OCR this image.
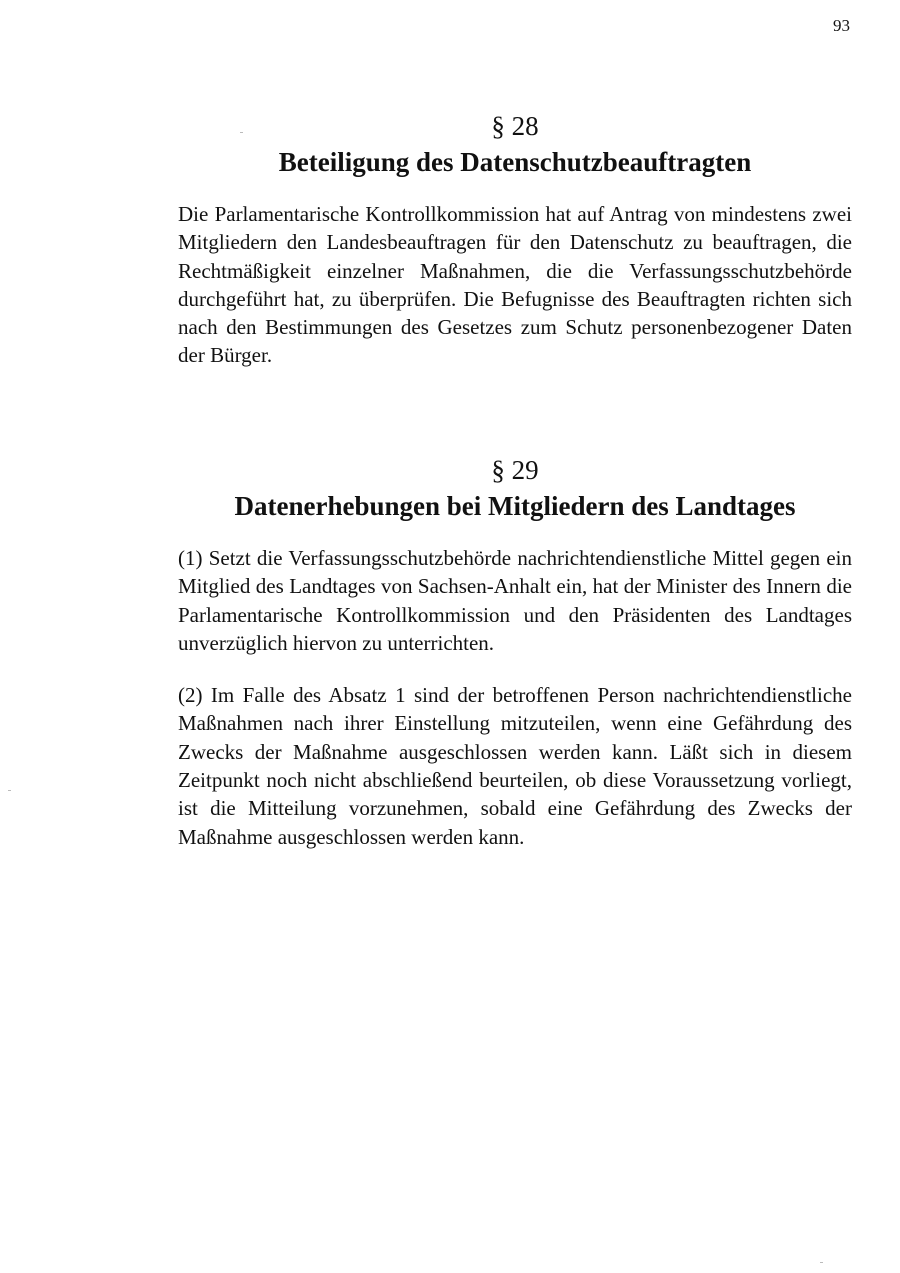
93

§ 28

Beteiligung des Datenschutzbeauftragten

Die Parlamentarische Kontrollkommission hat auf Antrag von mindestens zwei Mitgliedern den Landesbeauftragen für den Datenschutz zu beauftragen, die Rechtmäßigkeit einzelner Maßnahmen, die die Verfassungsschutzbehörde durchgeführt hat, zu überprüfen. Die Befugnisse des Beauftragten richten sich nach den Bestimmungen des Gesetzes zum Schutz personenbezogener Daten der Bürger.

§ 29

Datenerhebungen bei Mitgliedern des Landtages

(1) Setzt die Verfassungsschutzbehörde nachrichtendienstliche Mittel gegen ein Mitglied des Landtages von Sachsen-Anhalt ein, hat der Minister des Innern die Parlamentarische Kontrollkommission und den Präsidenten des Landtages unverzüglich hiervon zu unterrichten.

(2) Im Falle des Absatz 1 sind der betroffenen Person nachrichtendienstliche Maßnahmen nach ihrer Einstellung mitzuteilen, wenn eine Gefährdung des Zwecks der Maßnahme ausgeschlossen werden kann. Läßt sich in diesem Zeitpunkt noch nicht abschließend beurteilen, ob diese Voraussetzung vorliegt, ist die Mitteilung vorzunehmen, sobald eine Gefährdung des Zwecks der Maßnahme ausgeschlossen werden kann.
